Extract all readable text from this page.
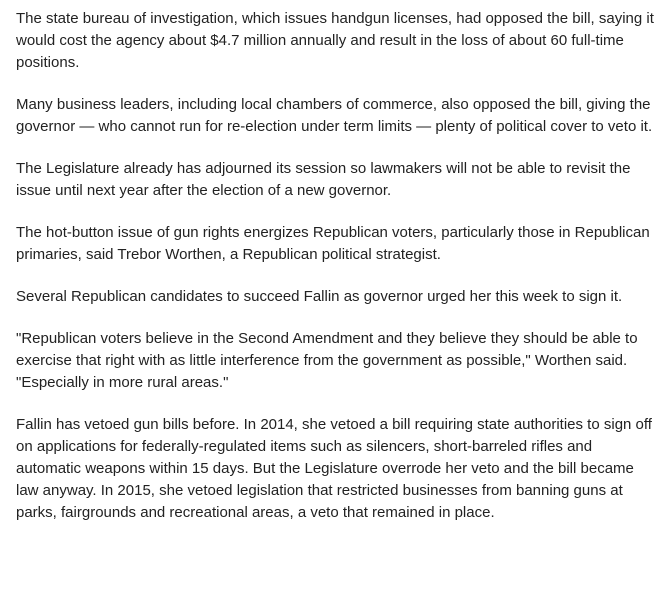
The state bureau of investigation, which issues handgun licenses, had opposed the bill, saying it would cost the agency about $4.7 million annually and result in the loss of about 60 full-time positions.

Many business leaders, including local chambers of commerce, also opposed the bill, giving the governor — who cannot run for re-election under term limits — plenty of political cover to veto it.

The Legislature already has adjourned its session so lawmakers will not be able to revisit the issue until next year after the election of a new governor.

The hot-button issue of gun rights energizes Republican voters, particularly those in Republican primaries, said Trebor Worthen, a Republican political strategist.

Several Republican candidates to succeed Fallin as governor urged her this week to sign it.

"Republican voters believe in the Second Amendment and they believe they should be able to exercise that right with as little interference from the government as possible," Worthen said. "Especially in more rural areas."

Fallin has vetoed gun bills before. In 2014, she vetoed a bill requiring state authorities to sign off on applications for federally-regulated items such as silencers, short-barreled rifles and automatic weapons within 15 days. But the Legislature overrode her veto and the bill became law anyway. In 2015, she vetoed legislation that restricted businesses from banning guns at parks, fairgrounds and recreational areas, a veto that remained in place.
